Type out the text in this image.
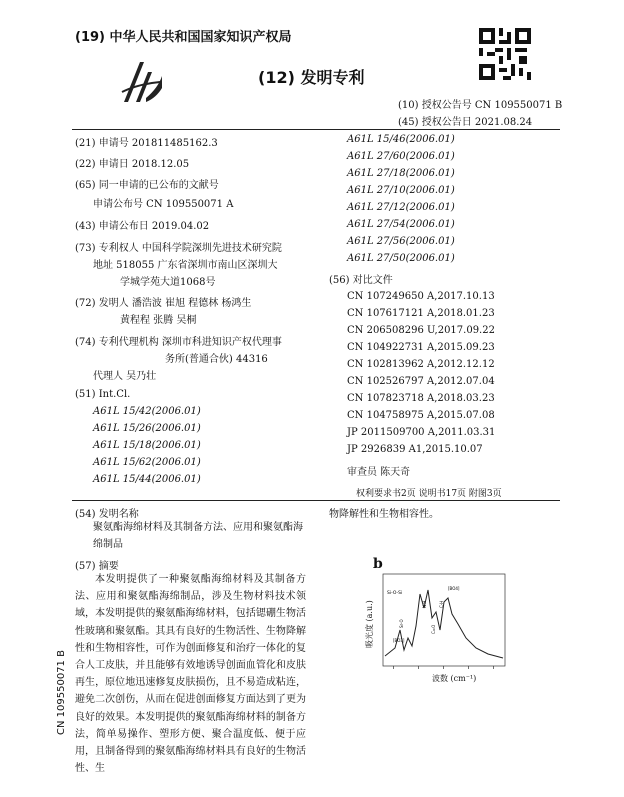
(19) 中华人民共和国国家知识产权局
(12) 发明专利
(10) 授权公告号 CN 109550071 B
(45) 授权公告日 2021.08.24
(21) 申请号 201811485162.3
(22) 申请日 2018.12.05
(65) 同一申请的已公布的文献号
申请公布号 CN 109550071 A
(43) 申请公布日 2019.04.02
(73) 专利权人 中国科学院深圳先进技术研究院
地址 518055 广东省深圳市南山区深圳大
学城学苑大道1068号
(72) 发明人 潘浩波 崔旭 程德林 杨鸿生
黄程程 张腾 吴桐
(74) 专利代理机构 深圳市科进知识产权代理事
务所(普通合伙) 44316
代理人 吴乃壮
(51) Int.Cl.
A61L 15/42(2006.01)
A61L 15/26(2006.01)
A61L 15/18(2006.01)
A61L 15/62(2006.01)
A61L 15/44(2006.01)
A61L 15/46(2006.01)
A61L 27/60(2006.01)
A61L 27/18(2006.01)
A61L 27/10(2006.01)
A61L 27/12(2006.01)
A61L 27/54(2006.01)
A61L 27/56(2006.01)
A61L 27/50(2006.01)
(56) 对比文件
CN 107249650 A,2017.10.13
CN 107617121 A,2018.01.23
CN 206508296 U,2017.09.22
CN 104922731 A,2015.09.23
CN 102813962 A,2012.12.12
CN 102526797 A,2012.07.04
CN 107823718 A,2018.03.23
CN 104758975 A,2015.07.08
JP 2011509700 A,2011.03.31
JP 2926839 A1,2015.10.07
审查员 陈天奇
权利要求书2页 说明书17页 附图3页
CN 109550071 B
(54) 发明名称
聚氨酯海绵材料及其制备方法、应用和聚氨酯海绵制品
(57) 摘要

本发明提供了一种聚氨酯海绵材料及其制备方法、应用和聚氨酯海绵制品，涉及生物材料技术领域，本发明提供的聚氨酯海绵材料，包括锶硼生物活性玻璃和聚氨酯。其具有良好的生物活性、生物降解性和生物相容性，可作为创面修复和治疗一体化的复合人工皮肤，并且能够有效地诱导创面血管化和皮肤再生，原位地迅速修复皮肤损伤，且不易造成粘连，避免二次创伤，从而在促进创面修复方面达到了更为良好的效果。本发明提供的聚氨酯海绵材料的制备方法，简单易操作、塑形方便、聚合温度低、便于应用，且制备得到的聚氨酯海绵材料具有良好的生物活性、生

物降解性和生物相容性。
b
Si-O-Si
[BO3]
Sr-O
N-H
C=O
[BO4]
C-H
吸光度 (a.u.)
波数 (cm⁻¹)
